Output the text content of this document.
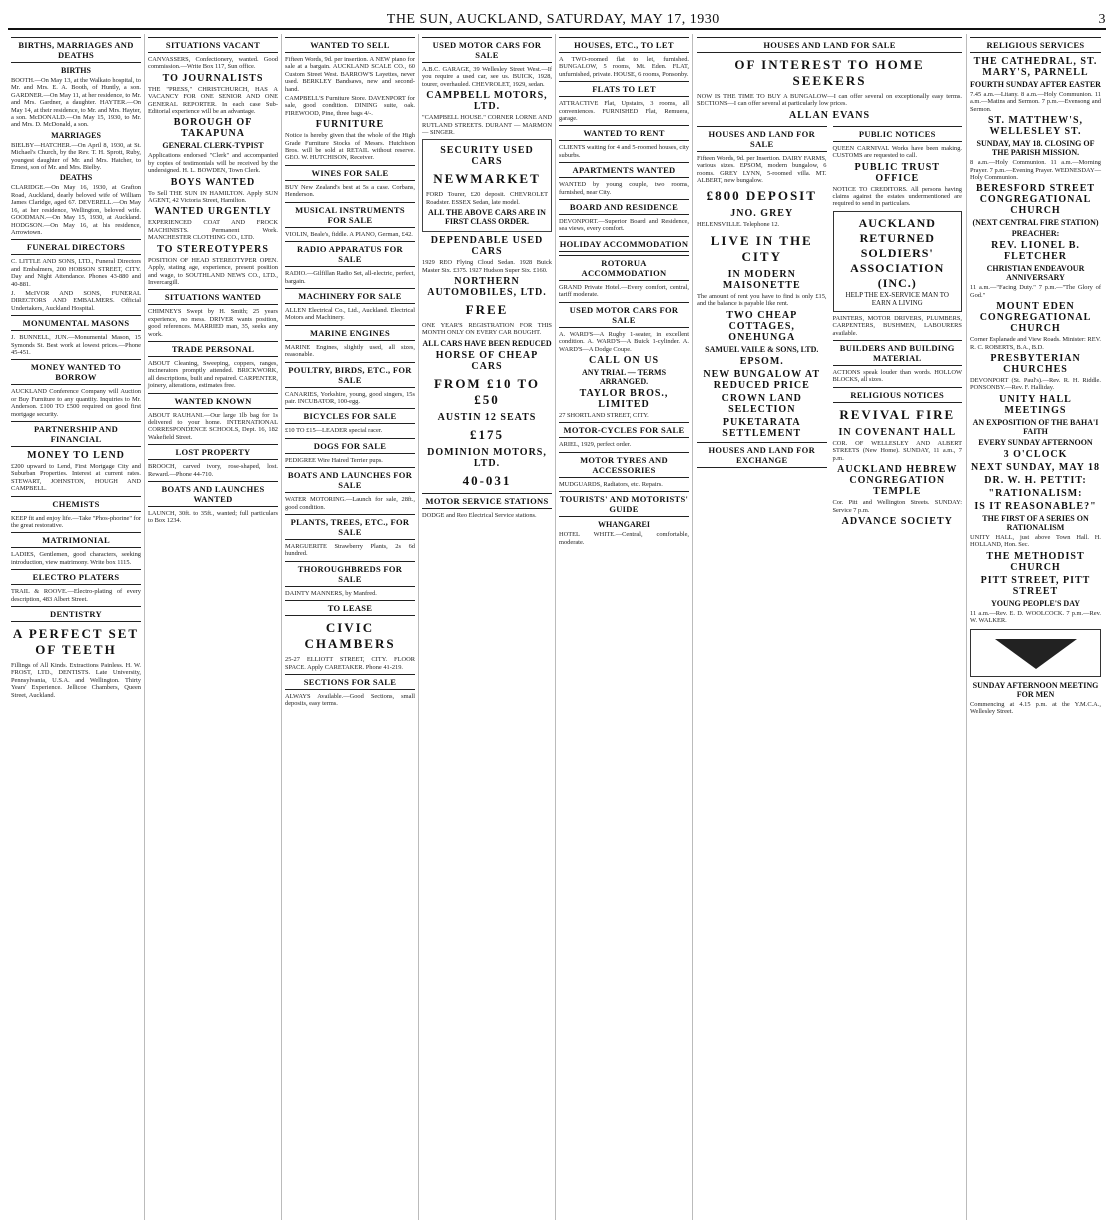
THE SUN, AUCKLAND, SATURDAY, MAY 17, 1930	3
BIRTHS, MARRIAGES AND DEATHS
BIRTHS

BOOTH.—On May 13, at the Walkato hospital, to Mr. and Mrs. E. A. Booth, of Huntly, a son. GARDNER.—On May 11, at her residence, to Mr. and Mrs. Gardner, a daughter. HAYTER.—On May 14, at their residence, to Mr. and Mrs. Hayter, a son. McDONALD.—On May 15, 1930, to Mr. and Mrs. D. McDonald, a son.

MARRIAGES

BIELBY—HATCHER.—On April 8, 1930, at St. Michael's Church, by the Rev. T. H. Sprott, Ruby, youngest daughter of Mr. and Mrs. Hatcher, to Ernest, son of Mr. and Mrs. Bielby.

DEATHS

CLARIDGE.—On May 16, 1930, at Grafton Road, Auckland, dearly beloved wife of William James Claridge, aged 67. DEVERELL.—On May 16, at her residence, Wellington, beloved wife. GOODMAN.—On May 15, 1930, at Auckland. HODGSON.—On May 16, at his residence, Arrowtown.

FUNERAL DIRECTORS

C. LITTLE AND SONS, LTD., Funeral Directors and Embalmers, 200 HOBSON STREET, CITY. Day and Night Attendance. Phones 43-880 and 40-881.

J. McIVOR AND SONS, FUNERAL DIRECTORS AND EMBALMERS. Official Undertakers, Auckland Hospital.

MONUMENTAL MASONS

J. BUNNELL, JUN.—Monumental Mason, 15 Symonds St. Best work at lowest prices.—Phone 45-451.

MONEY WANTED TO BORROW

AUCKLAND Conference Company will Auction or Buy Furniture to any quantity. Inquiries to Mr. Anderson. £100 TO £500 required on good first mortgage security.

PARTNERSHIP AND FINANCIAL
MONEY TO LEND

£200 upward to Lend, First Mortgage City and Suburban Properties. Interest at current rates. STEWART, JOHNSTON, HOUGH AND CAMPBELL.

CHEMISTS

KEEP fit and enjoy life.—Take "Phos-phorine" for the great restorative.

MATRIMONIAL

LADIES, Gentlemen, good characters, seeking introduction, view matrimony. Write box 1115.

ELECTRO PLATERS

TRAIL & ROOVE.—Electro-plating of every description, 483 Albert Street.

DENTISTRY
A PERFECT SET OF TEETH

Fillings of All Kinds. Extractions Painless. H. W. FROST, LTD., DENTISTS. Late University, Pennsylvania, U.S.A. and Wellington. Thirty Years' Experience. Jellicoe Chambers, Queen Street, Auckland.

SITUATIONS VACANT

CANVASSERS, Confectionery, wanted. Good commission.—Write Box 117, Sun office.

TO JOURNALISTS

THE "PRESS," CHRISTCHURCH, HAS A VACANCY FOR ONE SENIOR AND ONE GENERAL REPORTER. In each case Sub-Editorial experience will be an advantage.

BOROUGH OF TAKAPUNA
GENERAL CLERK-TYPIST

Applications endorsed "Clerk" and accompanied by copies of testimonials will be received by the undersigned. H. L. BOWDEN, Town Clerk.

BOYS WANTED

To Sell THE SUN IN HAMILTON. Apply SUN AGENT, 42 Victoria Street, Hamilton.

WANTED URGENTLY

EXPERIENCED COAT AND FROCK MACHINISTS. Permanent Work. MANCHESTER CLOTHING CO., LTD.

TO STEREOTYPERS

POSITION OF HEAD STEREOTYPER OPEN. Apply, stating age, experience, present position and wage, to SOUTHLAND NEWS CO., LTD., Invercargill.

SITUATIONS WANTED

CHIMNEYS Swept by H. Smith; 25 years experience, no mess. DRIVER wants position, good references. MARRIED man, 35, seeks any work.

TRADE PERSONAL

ABOUT Cleaning, Sweeping, coppers, ranges, incinerators promptly attended. BRICKWORK, all descriptions, built and repaired. CARPENTER, joinery, alterations, estimates free.

WANTED KNOWN

ABOUT RAUHANI.—Our large 1lb bag for 1s delivered to your home. INTERNATIONAL CORRESPONDENCE SCHOOLS, Dept. 16, 182 Wakefield Street.

LOST PROPERTY

BROOCH, carved ivory, rose-shaped, lost. Reward.—Phone 44-710.

BOATS AND LAUNCHES WANTED

LAUNCH, 30ft. to 35ft., wanted; full particulars to Box 1234.

WANTED TO SELL

Fifteen Words, 9d. per insertion. A NEW piano for sale at a bargain. AUCKLAND SCALE CO., 60 Custom Street West. BARROW'S Layettes, never used. BERKLEY Bandsaws, new and second-hand.

CAMPBELL'S Furniture Store. DAVENPORT for sale, good condition. DINING suite, oak. FIREWOOD, Pine, three bags 4/-.

FURNITURE

Notice is hereby given that the whole of the High Grade Furniture Stocks of Messrs. Hutchison Bros. will be sold at RETAIL without reserve. GEO. W. HUTCHISON, Receiver.

WINES FOR SALE

BUY New Zealand's best at 5s a case. Corbans, Henderson.

MUSICAL INSTRUMENTS FOR SALE

VIOLIN, Beale's, fiddle. A PIANO, German, £42.

RADIO APPARATUS FOR SALE

RADIO.—Gilfillan Radio Set, all-electric, perfect, bargain.

MACHINERY FOR SALE

ALLEN Electrical Co., Ltd., Auckland. Electrical Motors and Machinery.

MARINE ENGINES

MARINE Engines, slightly used, all sizes, reasonable.

POULTRY, BIRDS, ETC., FOR SALE

CANARIES, Yorkshire, young, good singers, 15s pair. INCUBATOR, 100-egg.

BICYCLES FOR SALE

£10 TO £15—LEADER special racer.

DOGS FOR SALE

PEDIGREE Wire Haired Terrier pups.

BOATS AND LAUNCHES FOR SALE

WATER MOTORING.—Launch for sale, 28ft., good condition.

PLANTS, TREES, ETC., FOR SALE

MARGUERITE Strawberry Plants, 2s 6d hundred.

THOROUGHBREDS FOR SALE

DAINTY MANNERS, by Manfred.

TO LEASE
CIVIC CHAMBERS

25-27 ELLIOTT STREET, CITY. FLOOR SPACE. Apply CARETAKER. Phone 41-219.

SECTIONS FOR SALE

ALWAYS Available.—Good Sections, small deposits, easy terms.

USED MOTOR CARS FOR SALE

A.B.C. GARAGE, 39 Wellesley Street West.—If you require a used car, see us. BUICK, 1928, tourer, overhauled. CHEVROLET, 1929, sedan.

CAMPBELL MOTORS, LTD.

"CAMPBELL HOUSE." CORNER LORNE AND RUTLAND STREETS. DURANT — MARMON — SINGER.

SECURITY USED CARS
NEWMARKET

FORD Tourer, £20 deposit. CHEVROLET Roadster. ESSEX Sedan, late model.

ALL THE ABOVE CARS ARE IN FIRST CLASS ORDER.
DEPENDABLE USED CARS

1929 REO Flying Cloud Sedan. 1928 Buick Master Six. £375. 1927 Hudson Super Six. £160.

NORTHERN AUTOMOBILES, LTD.
FREE

ONE YEAR'S REGISTRATION FOR THIS MONTH ONLY ON EVERY CAR BOUGHT.

ALL CARS HAVE BEEN REDUCED
HORSE OF CHEAP CARS
FROM £10 TO £50
AUSTIN 12 SEATS
£175
DOMINION MOTORS, LTD.
40-031
MOTOR SERVICE STATIONS

DODGE and Reo Electrical Service stations.

HOUSES, ETC., TO LET

A TWO-roomed flat to let, furnished. BUNGALOW, 5 rooms, Mt. Eden. FLAT, unfurnished, private. HOUSE, 6 rooms, Ponsonby.

FLATS TO LET

ATTRACTIVE Flat, Upstairs, 3 rooms, all conveniences. FURNISHED Flat, Remuera, garage.

WANTED TO RENT

CLIENTS waiting for 4 and 5-roomed houses, city suburbs.

APARTMENTS WANTED

WANTED by young couple, two rooms, furnished, near City.

BOARD AND RESIDENCE

DEVONPORT.—Superior Board and Residence, sea views, every comfort.

HOLIDAY ACCOMMODATION
ROTORUA ACCOMMODATION

GRAND Private Hotel.—Every comfort, central, tariff moderate.

USED MOTOR CARS FOR SALE

A. WARD'S—A Rugby 1-seater, in excellent condition. A. WARD'S—A Buick 1-cylinder. A. WARD'S—A Dodge Coupe.

CALL ON US
ANY TRIAL — TERMS ARRANGED.
TAYLOR BROS., LIMITED

27 SHORTLAND STREET, CITY.

MOTOR-CYCLES FOR SALE

ARIEL, 1929, perfect order.

MOTOR TYRES AND ACCESSORIES

MUDGUARDS, Radiators, etc. Repairs.

TOURISTS' AND MOTORISTS' GUIDE
WHANGAREI

HOTEL WHITE.—Central, comfortable, moderate.

HOUSES AND LAND FOR SALE
OF INTEREST TO HOME SEEKERS

NOW IS THE TIME TO BUY A BUNGALOW—I can offer several on exceptionally easy terms. SECTIONS—I can offer several at particularly low prices.

ALLAN EVANS
HOUSES AND LAND FOR SALE

Fifteen Words, 9d. per Insertion. DAIRY FARMS, various sizes. EPSOM, modern bungalow, 6 rooms. GREY LYNN, 5-roomed villa. MT. ALBERT, new bungalow.

£800 DEPOSIT
JNO. GREY

HELENSVILLE. Telephone 12.

LIVE IN THE CITY
IN MODERN MAISONETTE

The amount of rent you have to find is only £15, and the balance is payable like rent.

TWO CHEAP COTTAGES, ONEHUNGA
SAMUEL VAILE & SONS, LTD.
EPSOM.
NEW BUNGALOW AT REDUCED PRICE
CROWN LAND SELECTION
PUKETARATA SETTLEMENT
HOUSES AND LAND FOR EXCHANGE
PUBLIC NOTICES

QUEEN CARNIVAL Works have been making. CUSTOMS are requested to call.

PUBLIC TRUST OFFICE

NOTICE TO CREDITORS. All persons having claims against the estates undermentioned are required to send in particulars.

AUCKLAND RETURNED SOLDIERS' ASSOCIATION (INC.)
HELP THE EX-SERVICE MAN TO EARN A LIVING

PAINTERS, MOTOR DRIVERS, PLUMBERS, CARPENTERS, BUSHMEN, LABOURERS available.

BUILDERS AND BUILDING MATERIAL

ACTIONS speak louder than words. HOLLOW BLOCKS, all sizes.

RELIGIOUS NOTICES
REVIVAL FIRE
IN COVENANT HALL

COR. OF WELLESLEY AND ALBERT STREETS (New Home). SUNDAY, 11 a.m., 7 p.m.

AUCKLAND HEBREW CONGREGATION TEMPLE

Cor. Pitt and Wellington Streets. SUNDAY: Service 7 p.m.

ADVANCE SOCIETY
RELIGIOUS SERVICES
THE CATHEDRAL, ST. MARY'S, PARNELL
FOURTH SUNDAY AFTER EASTER

7.45 a.m.—Litany. 8 a.m.—Holy Communion. 11 a.m.—Matins and Sermon. 7 p.m.—Evensong and Sermon.

ST. MATTHEW'S, WELLESLEY ST.
SUNDAY, MAY 18. CLOSING OF THE PARISH MISSION.

8 a.m.—Holy Communion. 11 a.m.—Morning Prayer. 7 p.m.—Evening Prayer. WEDNESDAY—Holy Communion.

BERESFORD STREET CONGREGATIONAL CHURCH
(NEXT CENTRAL FIRE STATION)
PREACHER:
REV. LIONEL B. FLETCHER
CHRISTIAN ENDEAVOUR ANNIVERSARY

11 a.m.—"Facing Duty." 7 p.m.—"The Glory of God."

MOUNT EDEN CONGREGATIONAL CHURCH

Corner Esplanade and View Roads. Minister: REV. R. C. ROBERTS, B.A., B.D.

PRESBYTERIAN CHURCHES

DEVONPORT (St. Paul's).—Rev. R. H. Riddle. PONSONBY.—Rev. F. Halliday.

UNITY HALL MEETINGS
AN EXPOSITION OF THE BAHA'I FAITH
EVERY SUNDAY AFTERNOON
3 O'CLOCK
NEXT SUNDAY, MAY 18
DR. W. H. PETTIT:
"RATIONALISM:
IS IT REASONABLE?"
THE FIRST OF A SERIES ON RATIONALISM

UNITY HALL, just above Town Hall. H. HOLLAND, Hon. Sec.

THE METHODIST CHURCH
PITT STREET, PITT STREET
YOUNG PEOPLE'S DAY

11 a.m.—Rev. E. D. WOOLCOCK. 7 p.m.—Rev. W. WALKER.

SUNDAY AFTERNOON MEETING FOR MEN

Commencing at 4.15 p.m. at the Y.M.C.A., Wellesley Street.
